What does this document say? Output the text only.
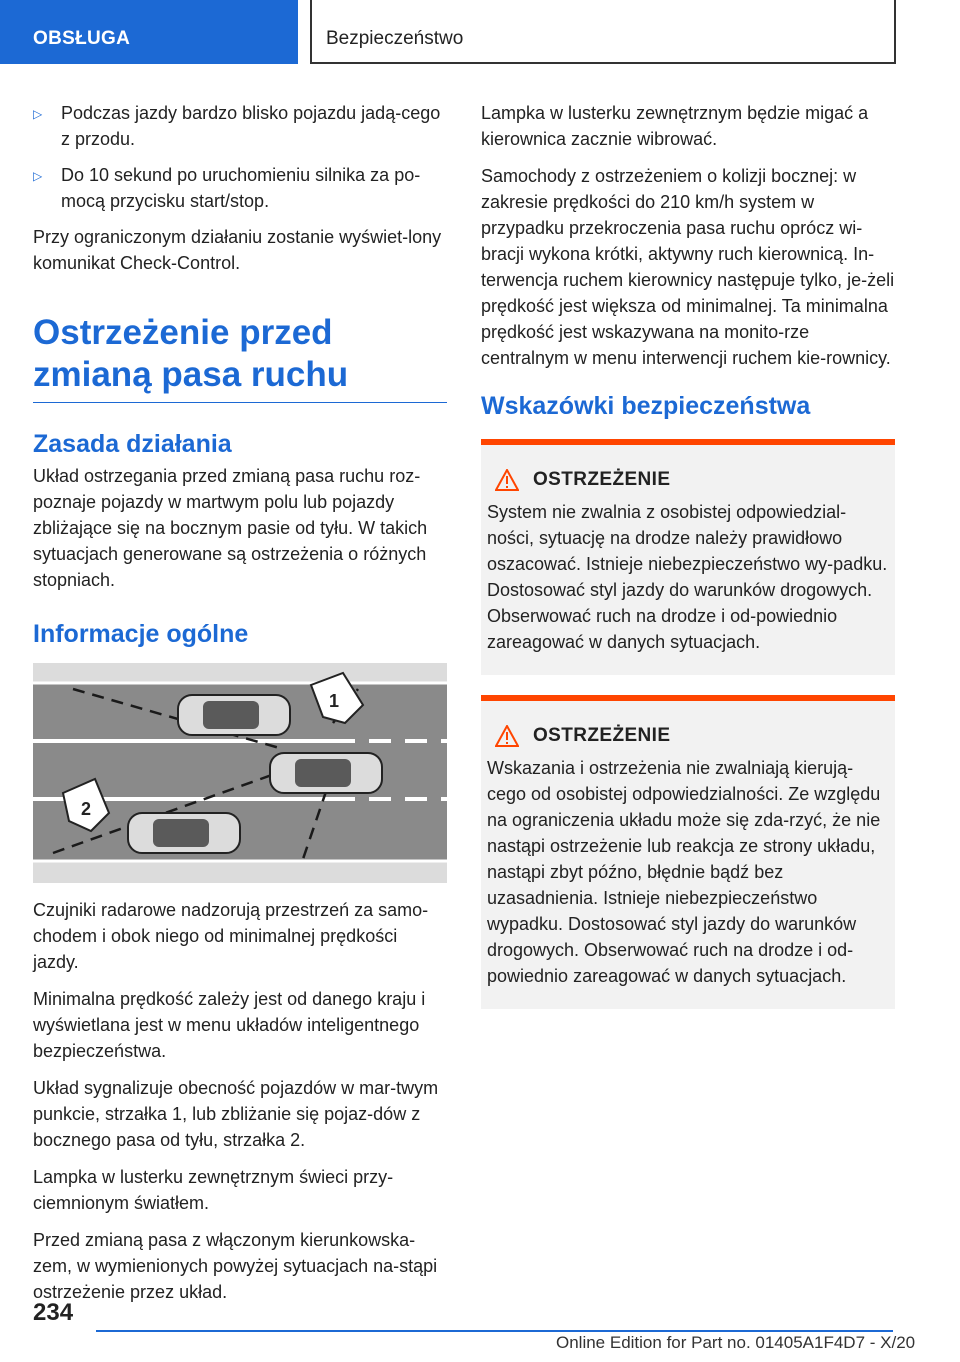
OBSŁUGA	Bezpieczeństwo
▷	Podczas jazdy bardzo blisko pojazdu jadą-cego z przodu.
▷	Do 10 sekund po uruchomieniu silnika za po-mocą przycisku start/stop.

Przy ograniczonym działaniu zostanie wyświet-lony komunikat Check-Control.

Ostrzeżenie przed zmianą pasa ruchu
Zasada działania

Układ ostrzegania przed zmianą pasa ruchu roz-poznaje pojazdy w martwym polu lub pojazdy zbliżające się na bocznym pasie od tyłu. W takich sytuacjach generowane są ostrzeżenia o różnych stopniach.

Informacje ogólne
1
2

Czujniki radarowe nadzorują przestrzeń za samo-chodem i obok niego od minimalnej prędkości jazdy.

Minimalna prędkość zależy jest od danego kraju i wyświetlana jest w menu układów inteligentnego bezpieczeństwa.

Układ sygnalizuje obecność pojazdów w mar-twym punkcie, strzałka 1, lub zbliżanie się pojaz-dów z bocznego pasa od tyłu, strzałka 2.

Lampka w lusterku zewnętrznym świeci przy-ciemnionym światłem.

Przed zmianą pasa z włączonym kierunkowska-zem, w wymienionych powyżej sytuacjach na-stąpi ostrzeżenie przez układ.

Lampka w lusterku zewnętrznym będzie migać a kierownica zacznie wibrować.

Samochody z ostrzeżeniem o kolizji bocznej: w zakresie prędkości do 210 km/h system w przypadku przekroczenia pasa ruchu oprócz wi-bracji wykona krótki, aktywny ruch kierownicą. In-terwencja ruchem kierownicy następuje tylko, je-żeli prędkość jest większa od minimalnej. Ta minimalna prędkość jest wskazywana na monito-rze centralnym w menu interwencji ruchem kie-rownicy.

Wskazówki bezpieczeństwa
OSTRZEŻENIE

System nie zwalnia z osobistej odpowiedzial-ności, sytuację na drodze należy prawidłowo oszacować. Istnieje niebezpieczeństwo wy-padku. Dostosować styl jazdy do warunków drogowych. Obserwować ruch na drodze i od-powiednio zareagować w danych sytuacjach.

OSTRZEŻENIE

Wskazania i ostrzeżenia nie zwalniają kierują-cego od osobistej odpowiedzialności. Ze względu na ograniczenia układu może się zda-rzyć, że nie nastąpi ostrzeżenie lub reakcja ze strony układu, nastąpi zbyt późno, błędnie bądź bez uzasadnienia. Istnieje niebezpieczeństwo wypadku. Dostosować styl jazdy do warunków drogowych. Obserwować ruch na drodze i od-powiednio zareagować w danych sytuacjach.

234
Online Edition for Part no. 01405A1F4D7 - X/20
